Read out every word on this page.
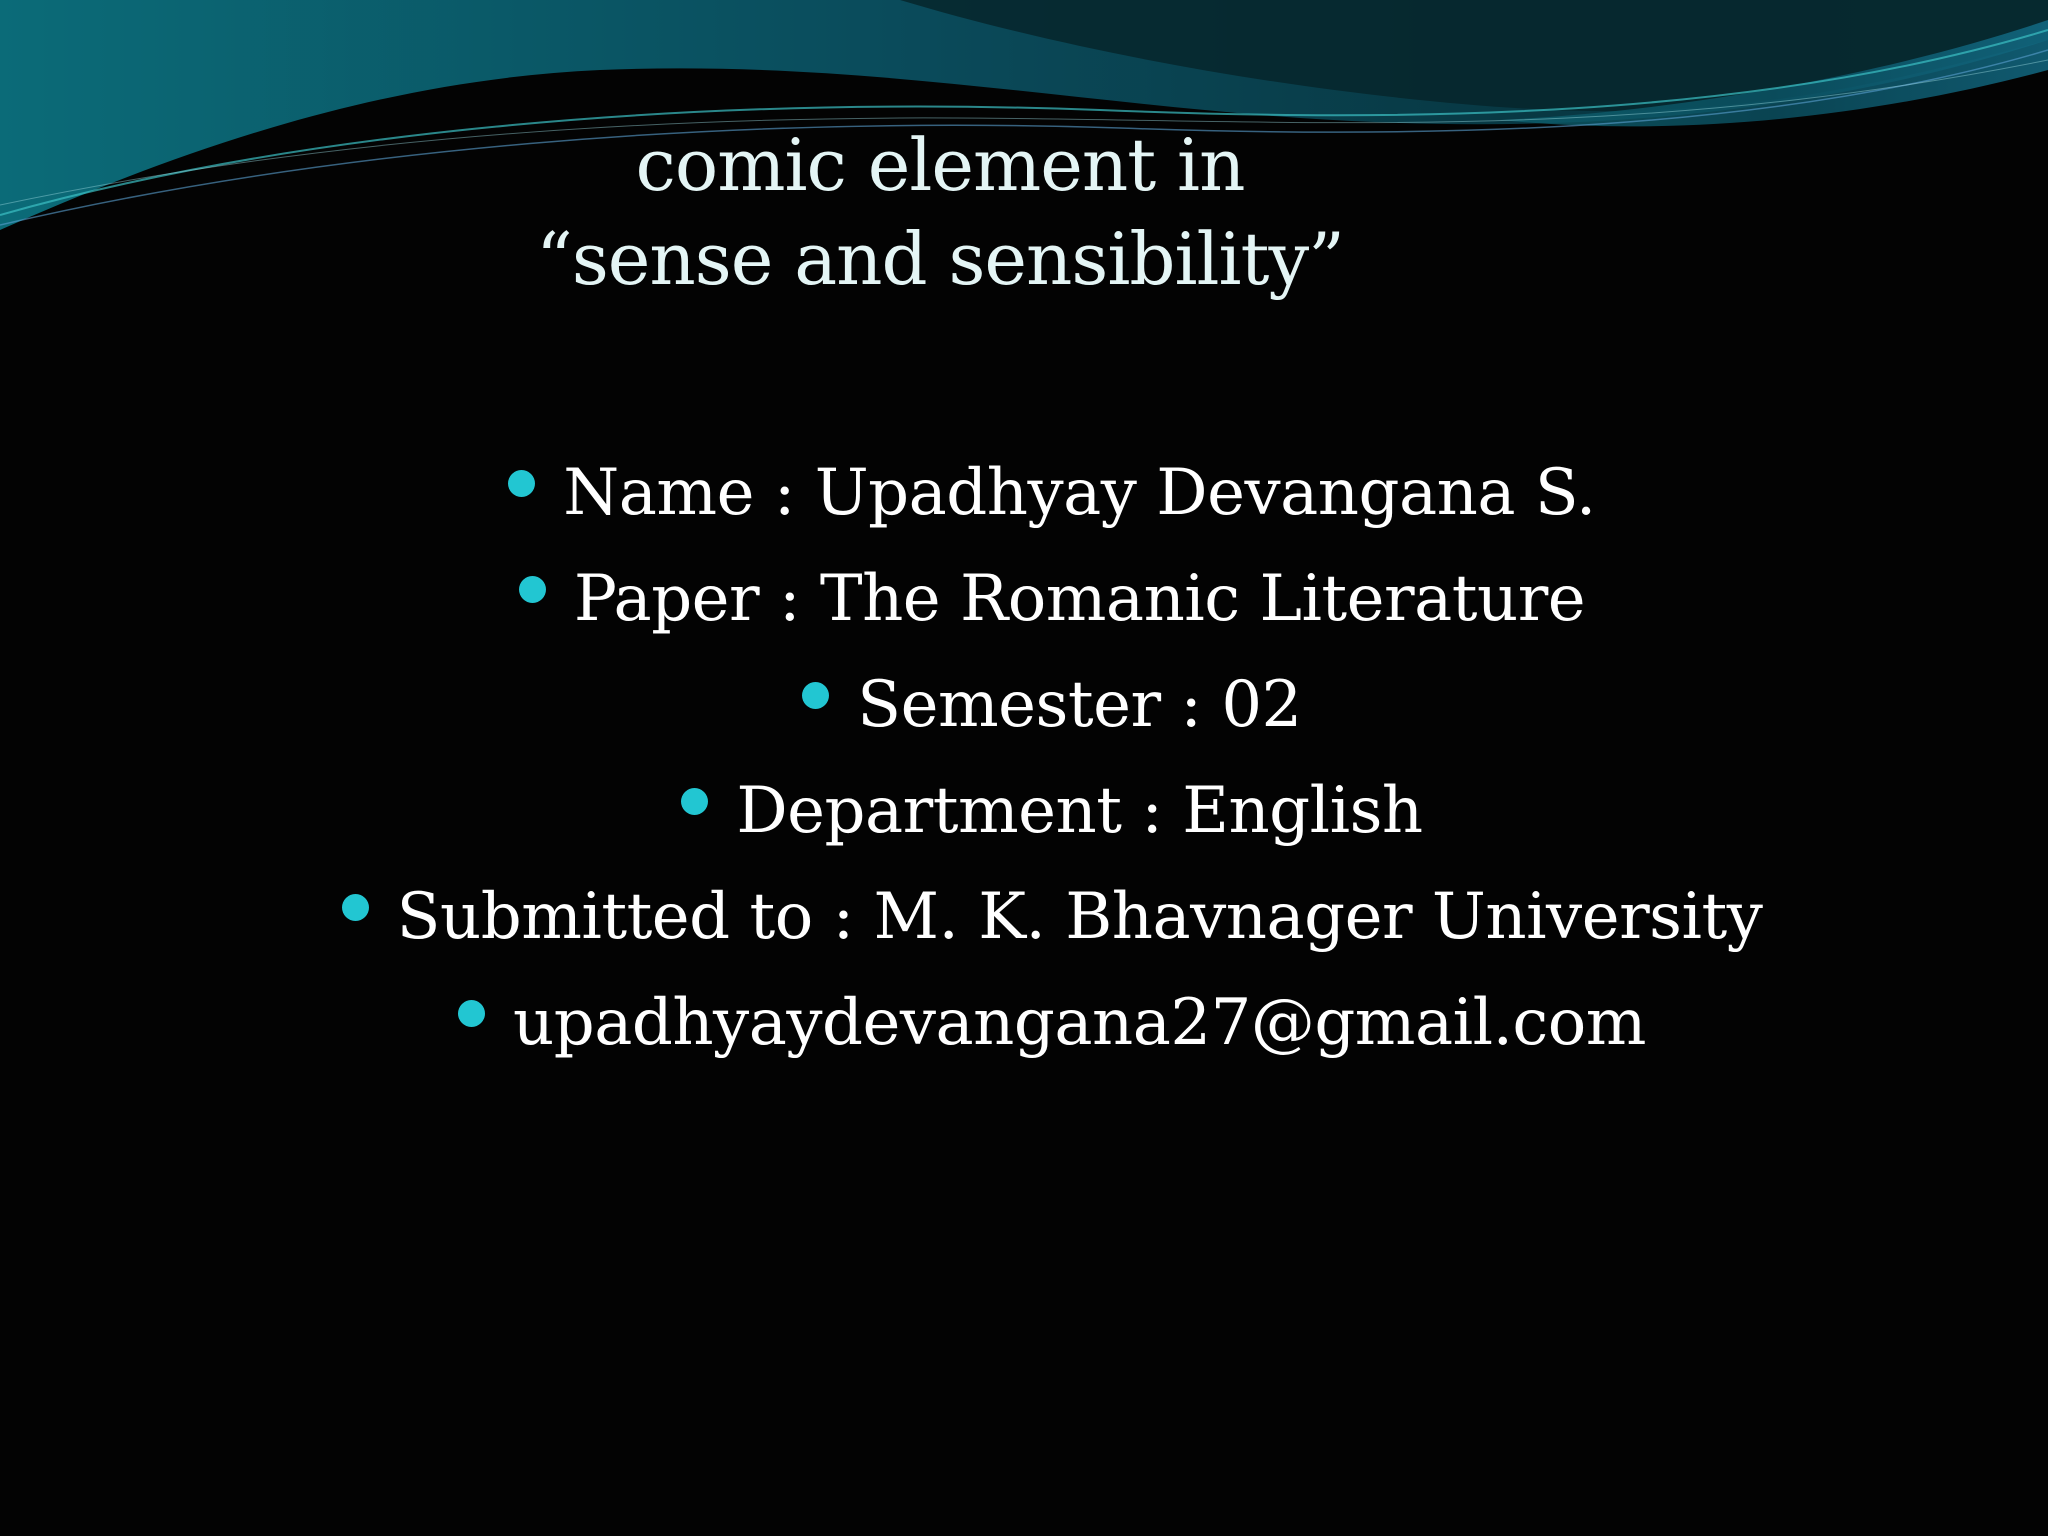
comic element in
“sense and sensibility”
Name : Upadhyay Devangana S.
Paper : The Romanic Literature
Semester : 02
Department : English
Submitted to : M. K. Bhavnager University
upadhyaydevangana27@gmail.com
